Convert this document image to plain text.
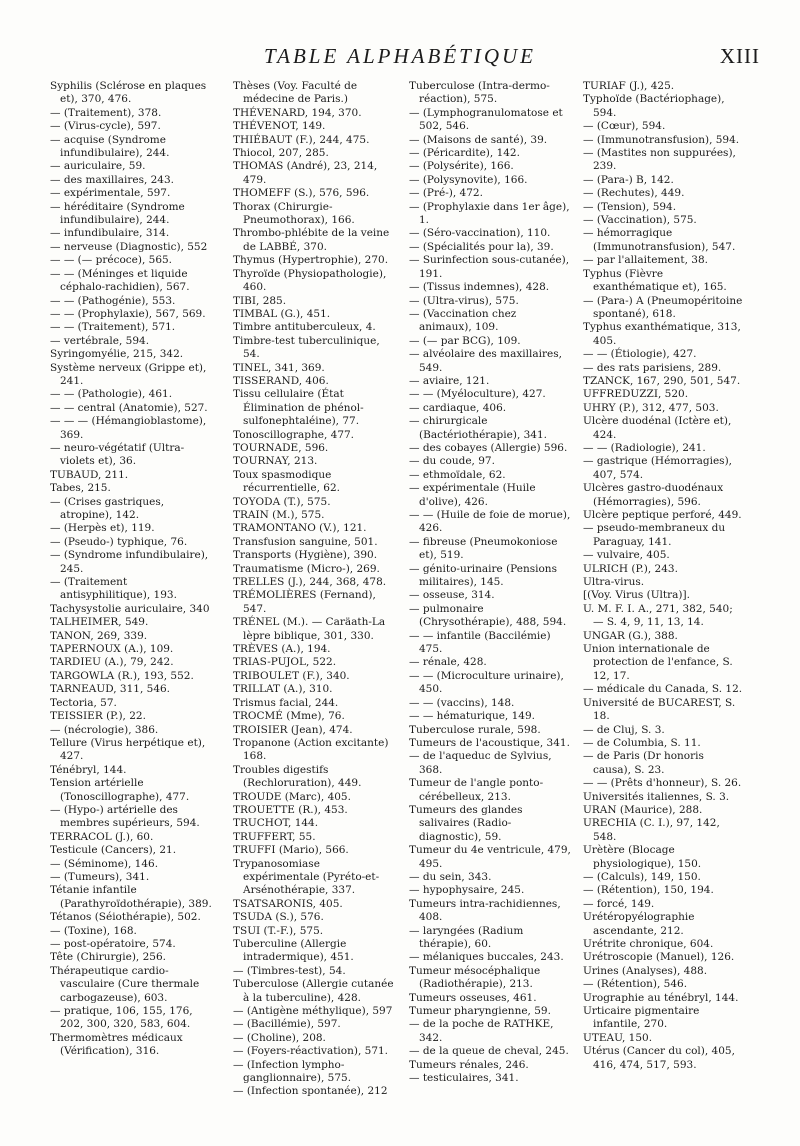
TABLE ALPHABÉTIQUE	XIII
Syphilis (Sclérose en plaques et), 370, 476.
— (Traitement), 378.
— (Virus-cycle), 597.
— acquise (Syndrome infundibulaire), 244.
— auriculaire, 59.
— des maxillaires, 243.
— expérimentale, 597.
— héréditaire (Syndrome infundibulaire), 244.
— infundibulaire, 314.
— nerveuse (Diagnostic), 552
— — (— précoce), 565.
— — (Méninges et liquide céphalo-rachidien), 567.
— — (Pathogénie), 553.
— — (Prophylaxie), 567, 569.
— — (Traitement), 571.
— vertébrale, 594.
Syringomyélie, 215, 342.
Système nerveux (Grippe et), 241.
— — (Pathologie), 461.
— — central (Anatomie), 527.
— — — (Hémangioblastome), 369.
— neuro-végétatif (Ultra-violets et), 36.
TUBAUD, 211.
Tabes, 215.
— (Crises gastriques, atropine), 142.
— (Herpès et), 119.
— (Pseudo-) typhique, 76.
— (Syndrome infundibulaire), 245.
— (Traitement antisyphilitique), 193.
Tachysystolie auriculaire, 340
TALHEIMER, 549.
TANON, 269, 339.
TAPERNOUX (A.), 109.
TARDIEU (A.), 79, 242.
TARGOWLA (R.), 193, 552.
TARNEAUD, 311, 546.
Tectoria, 57.
TEISSIER (P.), 22.
— (nécrologie), 386.
Tellure (Virus herpétique et), 427.
Ténébryl, 144.
Tension artérielle (Tonoscillographe), 477.
— (Hypo-) artérielle des membres supérieurs, 594.
TERRACOL (J.), 60.
Testicule (Cancers), 21.
— (Séminome), 146.
— (Tumeurs), 341.
Tétanie infantile (Parathyroïdothérapie), 389.
Tétanos (Séiothérapie), 502.
— (Toxine), 168.
— post-opératoire, 574.
Tête (Chirurgie), 256.
Thérapeutique cardio-vasculaire (Cure thermale carbogazeuse), 603.
— pratique, 106, 155, 176, 202, 300, 320, 583, 604.
Thermomètres médicaux (Vérification), 316.
Thèses (Voy. Faculté de médecine de Paris.)
THÉVENARD, 194, 370.
THÉVENOT, 149.
THIÉBAUT (F.), 244, 475.
Thiocol, 207, 285.
THOMAS (André), 23, 214, 479.
THOMEFF (S.), 576, 596.
Thorax (Chirurgie-Pneumothorax), 166.
Thrombo-phlébite de la veine de LABBÉ, 370.
Thymus (Hypertrophie), 270.
Thyroïde (Physiopathologie), 460.
TIBI, 285.
TIMBAL (G.), 451.
Timbre antituberculeux, 4.
Timbre-test tuberculinique, 54.
TINEL, 341, 369.
TISSERAND, 406.
Tissu cellulaire (État Élimination de phénol-sulfonephtaléine), 77.
Tonoscillographe, 477.
TOURNADE, 596.
TOURNAY, 213.
Toux spasmodique récurrentielle, 62.
TOYODA (T.), 575.
TRAIN (M.), 575.
TRAMONTANO (V.), 121.
Transfusion sanguine, 501.
Transports (Hygiène), 390.
Traumatisme (Micro-), 269.
TRELLES (J.), 244, 368, 478.
TRÉMOLIÈRES (Fernand), 547.
TRÉNEL (M.). — Caräath-La lèpre biblique, 301, 330.
TRÈVES (A.), 194.
TRIAS-PUJOL, 522.
TRIBOULET (F.), 340.
TRILLAT (A.), 310.
Trismus facial, 244.
TROCMÉ (Mme), 76.
TROISIER (Jean), 474.
Tropanone (Action excitante) 168.
Troubles digestifs (Rechloruration), 449.
TROUDE (Marc), 405.
TROUETTE (R.), 453.
TRUCHOT, 144.
TRUFFERT, 55.
TRUFFI (Mario), 566.
Trypanosomiase expérimentale (Pyréto-et-Arsénothérapie, 337.
TSATSARONIS, 405.
TSUDA (S.), 576.
TSUI (T.-F.), 575.
Tuberculine (Allergie intradermique), 451.
— (Timbres-test), 54.
Tuberculose (Allergie cutanée à la tuberculine), 428.
— (Antigène méthylique), 597
— (Bacillémie), 597.
— (Choline), 208.
— (Foyers-réactivation), 571.
— (Infection lympho-ganglionnaire), 575.
— (Infection spontanée), 212
Tuberculose (Intra-dermo-réaction), 575.
— (Lymphogranulomatose et 502, 546.
— (Maisons de santé), 39.
— (Péricardite), 142.
— (Polysérite), 166.
— (Polysynovite), 166.
— (Pré-), 472.
— (Prophylaxie dans 1er âge), 1.
— (Séro-vaccination), 110.
— (Spécialités pour la), 39.
— Surinfection sous-cutanée), 191.
— (Tissus indemnes), 428.
— (Ultra-virus), 575.
— (Vaccination chez animaux), 109.
— (— par BCG), 109.
— alvéolaire des maxillaires, 549.
— aviaire, 121.
— — (Myéloculture), 427.
— cardiaque, 406.
— chirurgicale (Bactériothérapie), 341.
— des cobayes (Allergie) 596.
— du coude, 97.
— ethmoïdale, 62.
— expérimentale (Huile d'olive), 426.
— — (Huile de foie de morue), 426.
— fibreuse (Pneumokoniose et), 519.
— génito-urinaire (Pensions militaires), 145.
— osseuse, 314.
— pulmonaire (Chrysothérapie), 488, 594.
— — infantile (Baccilémie) 475.
— rénale, 428.
— — (Microculture urinaire), 450.
— — (vaccins), 148.
— — hématurique, 149.
Tuberculose rurale, 598.
Tumeurs de l'acoustique, 341.
— de l'aqueduc de Sylvius, 368.
Tumeur de l'angle ponto-cérébelleux, 213.
Tumeurs des glandes salivaires (Radio-diagnostic), 59.
Tumeur du 4e ventricule, 479, 495.
— du sein, 343.
— hypophysaire, 245.
Tumeurs intra-rachidiennes, 408.
— laryngées (Radium thérapie), 60.
— mélaniques buccales, 243.
Tumeur mésocéphalique (Radiothérapie), 213.
Tumeurs osseuses, 461.
Tumeur pharyngienne, 59.
— de la poche de RATHKE, 342.
— de la queue de cheval, 245.
Tumeurs rénales, 246.
— testiculaires, 341.
TURIAF (J.), 425.
Typhoïde (Bactériophage), 594.
— (Cœur), 594.
— (Immunotransfusion), 594.
— (Mastites non suppurées), 239.
— (Para-) B, 142.
— (Rechutes), 449.
— (Tension), 594.
— (Vaccination), 575.
— hémorragique (Immunotransfusion), 547.
— par l'allaitement, 38.
Typhus (Fièvre exanthématique et), 165.
— (Para-) A (Pneumopéritoine spontané), 618.
Typhus exanthématique, 313, 405.
— — (Étiologie), 427.
— des rats parisiens, 289.
TZANCK, 167, 290, 501, 547.
UFFREDUZZI, 520.
UHRY (P.), 312, 477, 503.
Ulcère duodénal (Ictère et), 424.
— — (Radiologie), 241.
— gastrique (Hémorragies), 407, 574.
Ulcères gastro-duodénaux (Hémorragies), 596.
Ulcère peptique perforé, 449.
— pseudo-membraneux du Paraguay, 141.
— vulvaire, 405.
ULRICH (P.), 243.
Ultra-virus.
[(Voy. Virus (Ultra)].
U. M. F. I. A., 271, 382, 540; — S. 4, 9, 11, 13, 14.
UNGAR (G.), 388.
Union internationale de protection de l'enfance, S. 12, 17.
— médicale du Canada, S. 12.
Université de BUCAREST, S. 18.
— de Cluj, S. 3.
— de Columbia, S. 11.
— de Paris (Dr honoris causa), S. 23.
— — (Prêts d'honneur), S. 26.
Universités italiennes, S. 3.
URAN (Maurice), 288.
URECHIA (C. I.), 97, 142, 548.
Urètère (Blocage physiologique), 150.
— (Calculs), 149, 150.
— (Rétention), 150, 194.
— forcé, 149.
Urétéropyélographie ascendante, 212.
Urétrite chronique, 604.
Urétroscopie (Manuel), 126.
Urines (Analyses), 488.
— (Rétention), 546.
Urographie au ténébryl, 144.
Urticaire pigmentaire infantile, 270.
UTEAU, 150.
Utérus (Cancer du col), 405, 416, 474, 517, 593.
